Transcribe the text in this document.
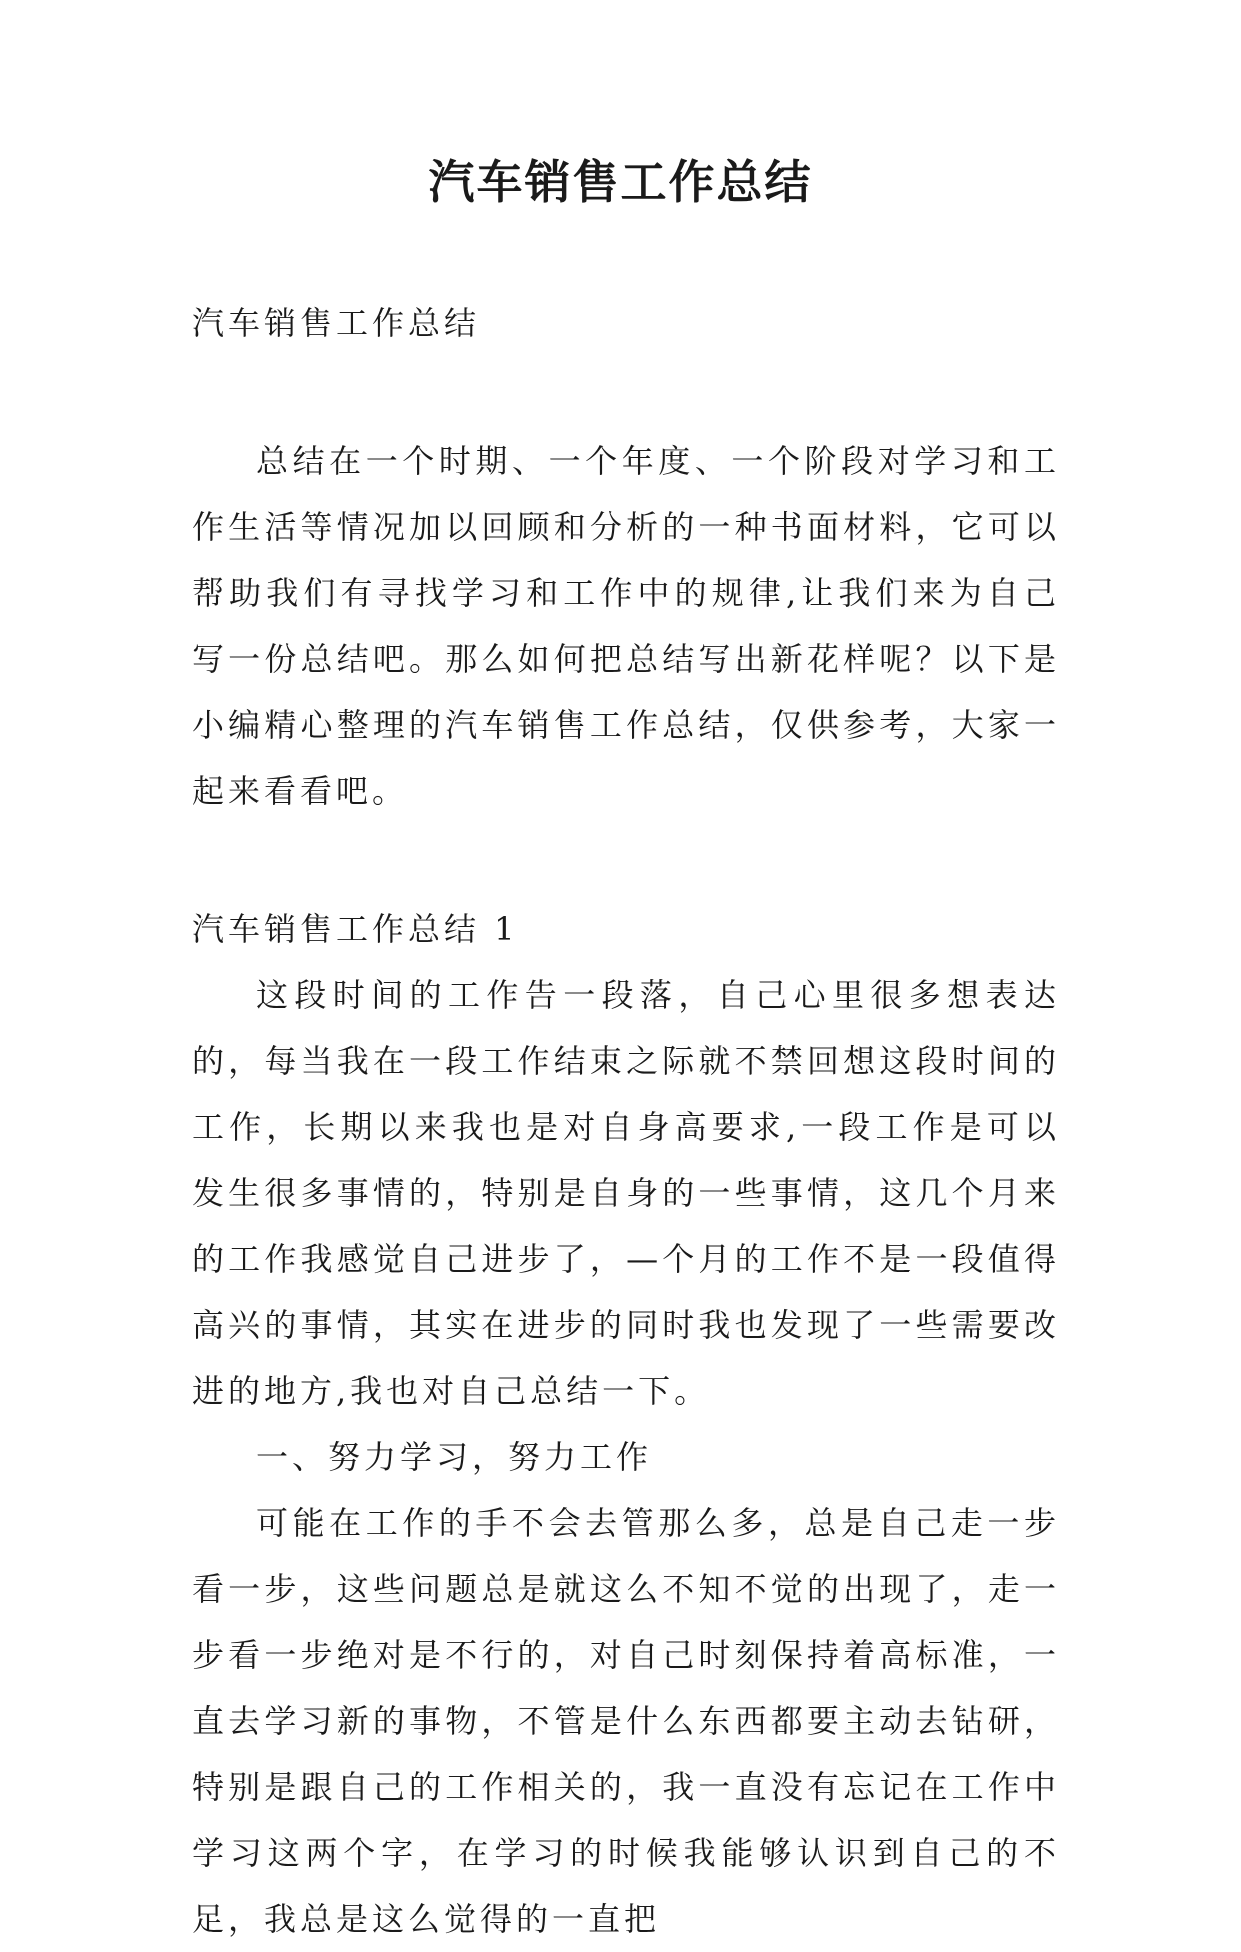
汽车销售工作总结

汽车销售工作总结

总结在一个时期、一个年度、一个阶段对学习和工作生活等情况加以回顾和分析的一种书面材料，它可以帮助我们有寻找学习和工作中的规律,让我们来为自己写一份总结吧。那么如何把总结写出新花样呢？以下是小编精心整理的汽车销售工作总结，仅供参考，大家一起来看看吧。

汽车销售工作总结 1

这段时间的工作告一段落，自己心里很多想表达的，每当我在一段工作结束之际就不禁回想这段时间的工作，长期以来我也是对自身高要求,一段工作是可以发生很多事情的，特别是自身的一些事情，这几个月来的工作我感觉自己进步了，—个月的工作不是一段值得高兴的事情，其实在进步的同时我也发现了一些需要改进的地方,我也对自己总结一下。

一、努力学习，努力工作

可能在工作的手不会去管那么多，总是自己走一步看一步，这些问题总是就这么不知不觉的出现了，走一步看一步绝对是不行的，对自己时刻保持着高标准，一直去学习新的事物，不管是什么东西都要主动去钻研，特别是跟自己的工作相关的，我一直没有忘记在工作中学习这两个字，在学习的时候我能够认识到自己的不足，我总是这么觉得的一直把
